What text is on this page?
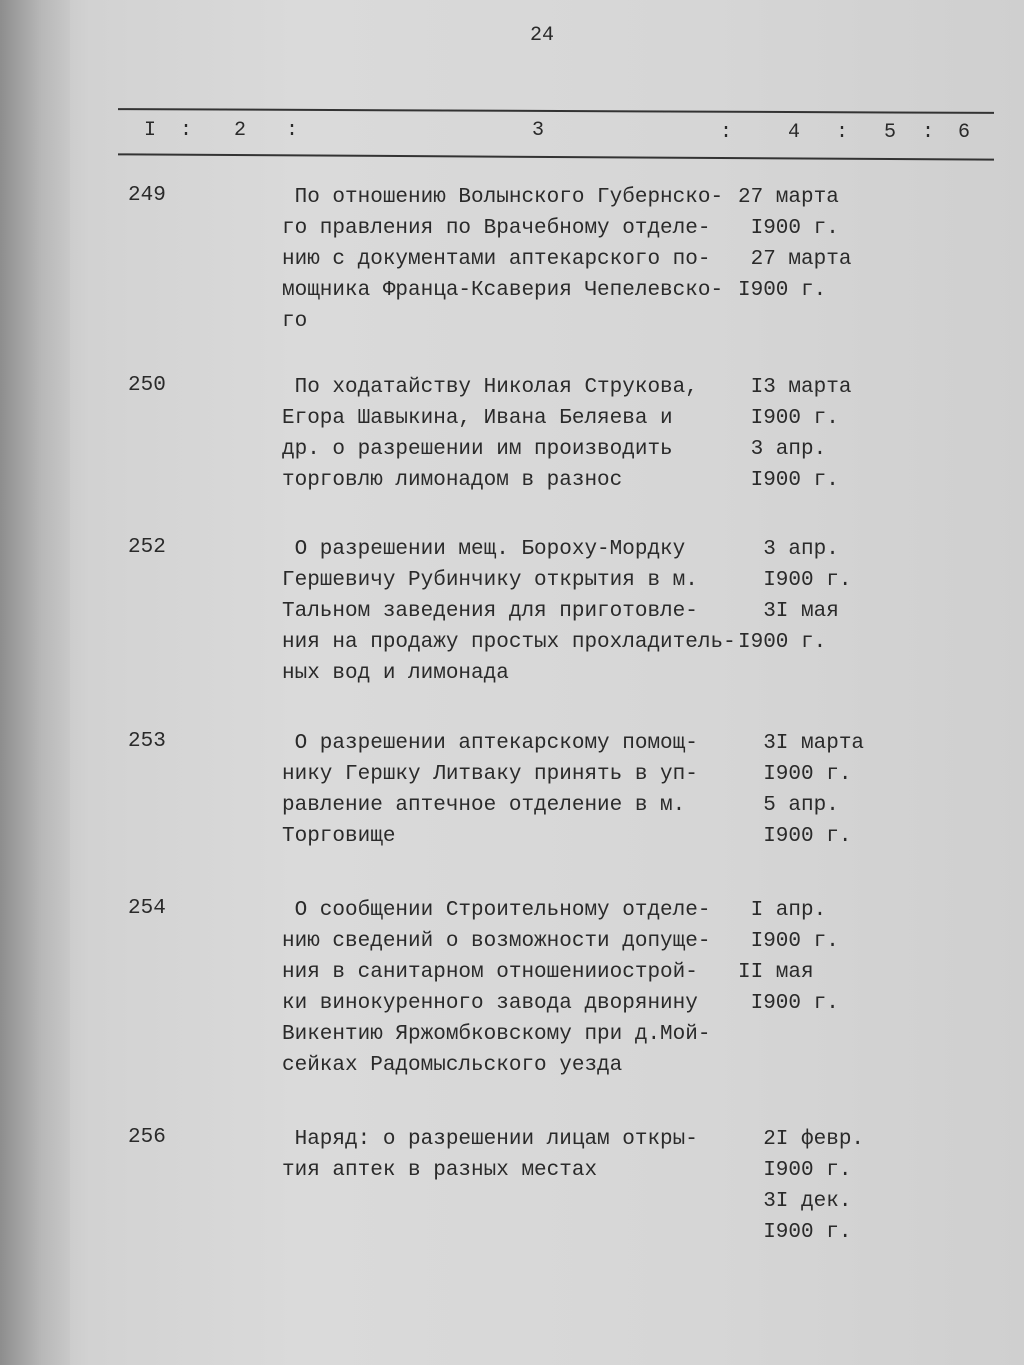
24
I : 2 :	3	:	4 : 5 : 6
249	По отношению Волынского Губернско-
го правления по Врачебному отделе-
нию с документами аптекарского по-
мощника Франца-Ксаверия Чепелевско-
го
27 марта
I900 г.
27 марта
I900 г.
250	По ходатайству Николая Струкова,
Егора Шавыкина, Ивана Беляева и
др. о разрешении им производить
торговлю лимонадом в разнос
I3 марта
I900 г.
3 апр.
I900 г.
252	О разрешении мещ. Бороху-Мордку
Гершевичу Рубинчику открытия в м.
Тальном заведения для приготовле-
ния на продажу простых прохладитель-
ных вод и лимонада
3 апр.
I900 г.
3I мая
I900 г.
253	О разрешении аптекарскому помощ-
нику Гершку Литваку принять в уп-
равление аптечное отделение в м.
Торговище
3I марта
I900 г.
5 апр.
I900 г.
254	О сообщении Строительному отделе-
нию сведений о возможности допуще-
ния в санитарном отношенииострой-
ки винокуренного завода дворянину
Викентию Яржомбковскому при д.Мой-
сейках Радомысльского уезда
I апр.
I900 г.
II мая
I900 г.
256	Наряд: о разрешении лицам откры-
тия аптек в разных местах
2I февр.
I900 г.
3I дек.
I900 г.
